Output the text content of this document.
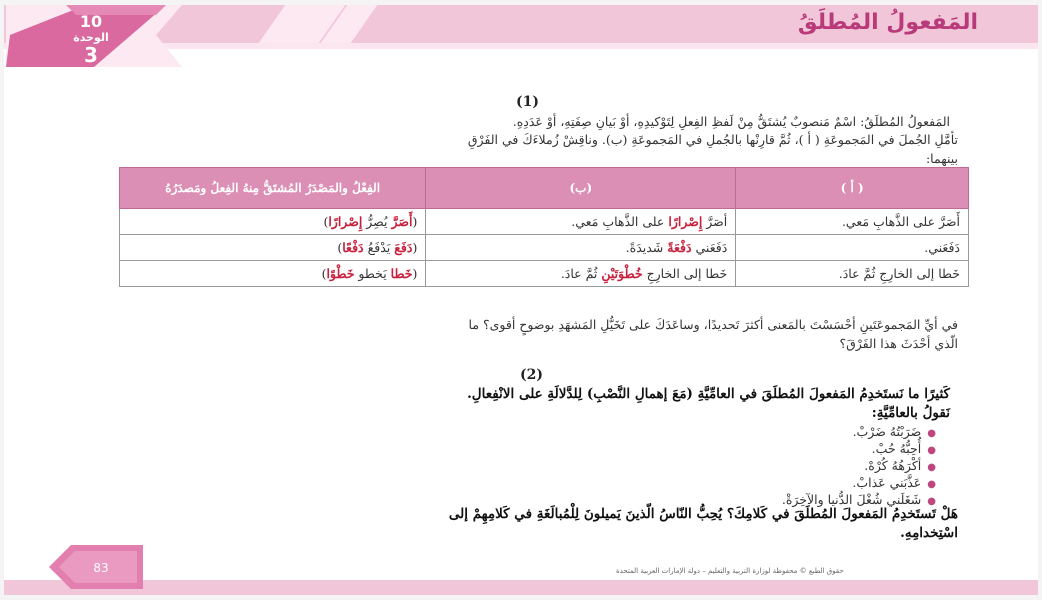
10
الوحدة
3
المَفعولُ المُطلَقُ
(1)
المَفعولُ المُطلَقُ: اسْمٌ مَنصوبٌ يُشتَقُّ مِنْ لَفظِ الفِعلِ لِتَوْكيدِهِ، أوْ بَيانِ صِفَتِهِ، أوْ عَدَدِهِ.
تأمَّلِ الجُملَ في المَجموعَةِ ( أ )، ثُمَّ قارِنْها بالجُملِ في المَجموعَةِ (ب). وناقِشْ زُملاءَكَ في الفَرْقِ
بينهما:
( أ )	(ب)	الفِعْلُ والمَصْدَرُ المُشتَقُّ مِنهُ الفِعلُ ومَصدَرُهُ
أَصَرَّ على الذَّهابِ مَعي.	أصَرَّ إِصْرارًا على الذَّهابِ مَعي.	(أَصَرَّ يُصِرُّ إِصْرارًا)
دَفَعَني.	دَفَعَني دَفْعَةً شَديدَةً.	(دَفَعَ يَدْفَعُ دَفْعًا)
خَطا إلى الخارِجِ ثُمَّ عادَ.	خَطا إلى الخارِجِ خُطْوَتَيْنِ ثُمَّ عادَ.	(خَطا يَخطو خَطْوًا)
في أيِّ المَجموعَتَينِ أحْسَسْتَ بالمَعنى أكثرَ تَحديدًا، وساعَدَكَ على تَخَيُّلِ المَشهَدِ بوضوحٍ أقوى؟ ما
الّذي أحْدَثَ هذا الفَرْقَ؟
(2)
كَثيرًا ما نَستَخدِمُ المَفعولَ المُطلَقَ في العامِّيَّةِ (مَعَ إهمالِ النَّصْبِ) لِلدَّلالَةِ على الانْفِعالِ.
نَقولُ بالعامِّيَّةِ:
●ضَرَبْتُهُ ضَرْبْ.
●أُحِبُّهُ حُبْ.
●أكْرَهُهُ كُرْهْ.
●عَذَّبَني عَذابْ.
●شَغَلَني شُغْلَ الدُّنيا والآخِرَةْ.
هَلْ تَستَخدِمُ المَفعولَ المُطلَقَ في كَلامِكَ؟ يُحِبُّ النّاسُ الّذينَ يَميلونَ لِلْمُبالَغَةِ في كَلامِهِمْ إلى
اسْتِخدامِهِ.
حقوق الطبع © محفوظة لوزارة التربية والتعليم – دولة الإمارات العربية المتحدة
83
